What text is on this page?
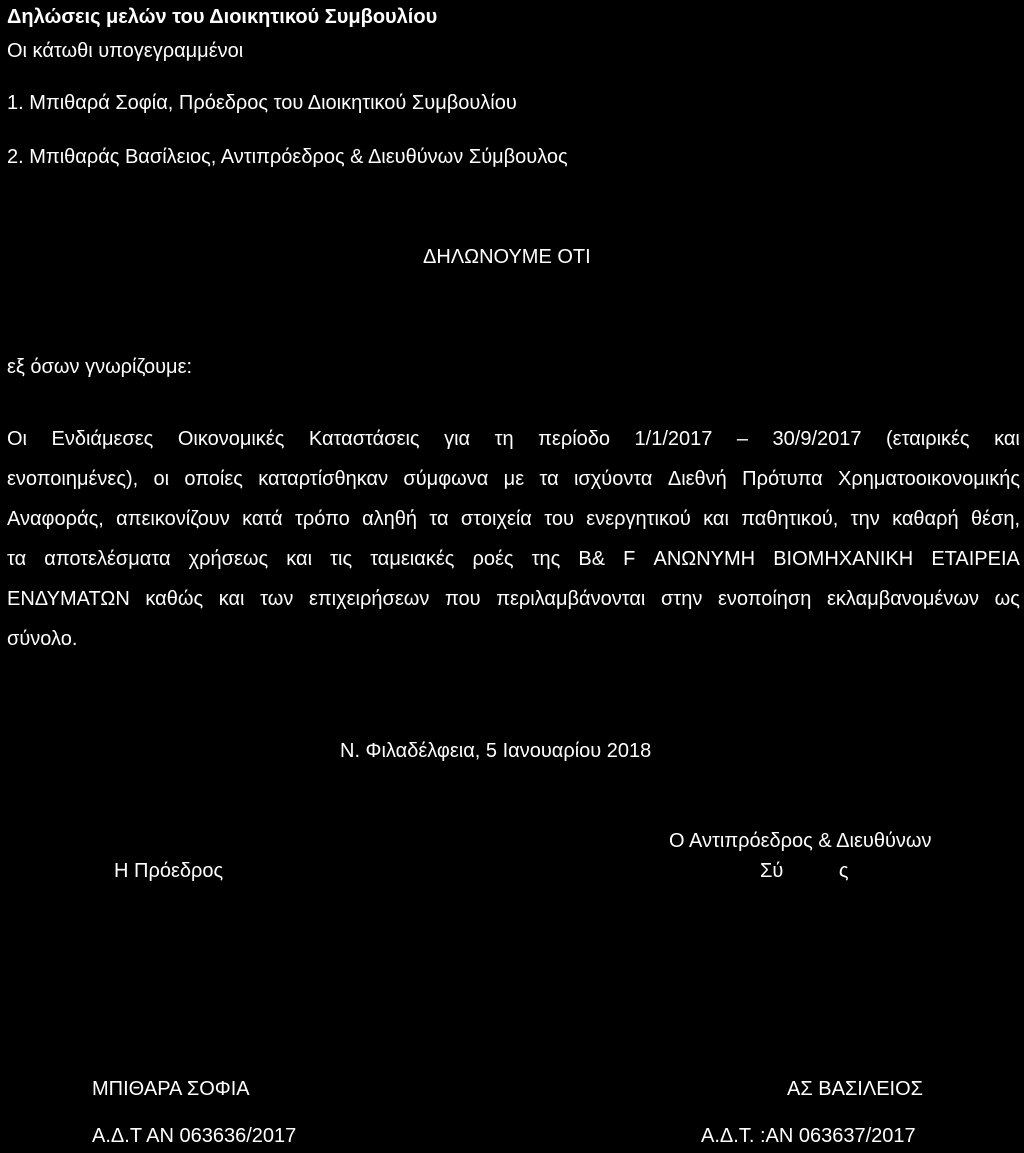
Δηλώσεις μελών του Διοικητικού Συμβουλίου
Οι κάτωθι υπογεγραμμένοι
1. Μπιθαρά Σοφία, Πρόεδρος του Διοικητικού Συμβουλίου
2. Μπιθαράς Βασίλειος, Αντιπρόεδρος & Διευθύνων Σύμβουλος
ΔΗΛΩΝΟΥΜΕ ΟΤΙ
εξ όσων γνωρίζουμε:
Οι Ενδιάμεσες Οικονομικές Καταστάσεις για τη περίοδο 1/1/2017 – 30/9/2017 (εταιρικές και
ενοποιημένες), οι οποίες καταρτίσθηκαν σύμφωνα με τα ισχύοντα Διεθνή Πρότυπα Χρηματοοικονομικής
Αναφοράς, απεικονίζουν κατά τρόπο αληθή τα στοιχεία του ενεργητικού και παθητικού, την καθαρή θέση,
τα αποτελέσματα χρήσεως και τις ταμειακές ροές της Β& F ΑΝΩΝΥΜΗ ΒΙΟΜΗΧΑΝΙΚΗ ΕΤΑΙΡΕΙΑ
ΕΝΔΥΜΑΤΩΝ καθώς και των επιχειρήσεων που περιλαμβάνονται στην ενοποίηση εκλαμβανομένων ως
σύνολο.
Ν. Φιλαδέλφεια, 5 Ιανουαρίου 2018
Ο Αντιπρόεδρος & Διευθύνων
Η Πρόεδρος	Σύ          ς
ΜΠΙΘΑΡΑ ΣΟΦΙΑ	ΑΣ ΒΑΣΙΛΕΙΟΣ
Α.Δ.Τ ΑΝ 063636/2017	Α.Δ.Τ. :ΑΝ 063637/2017
